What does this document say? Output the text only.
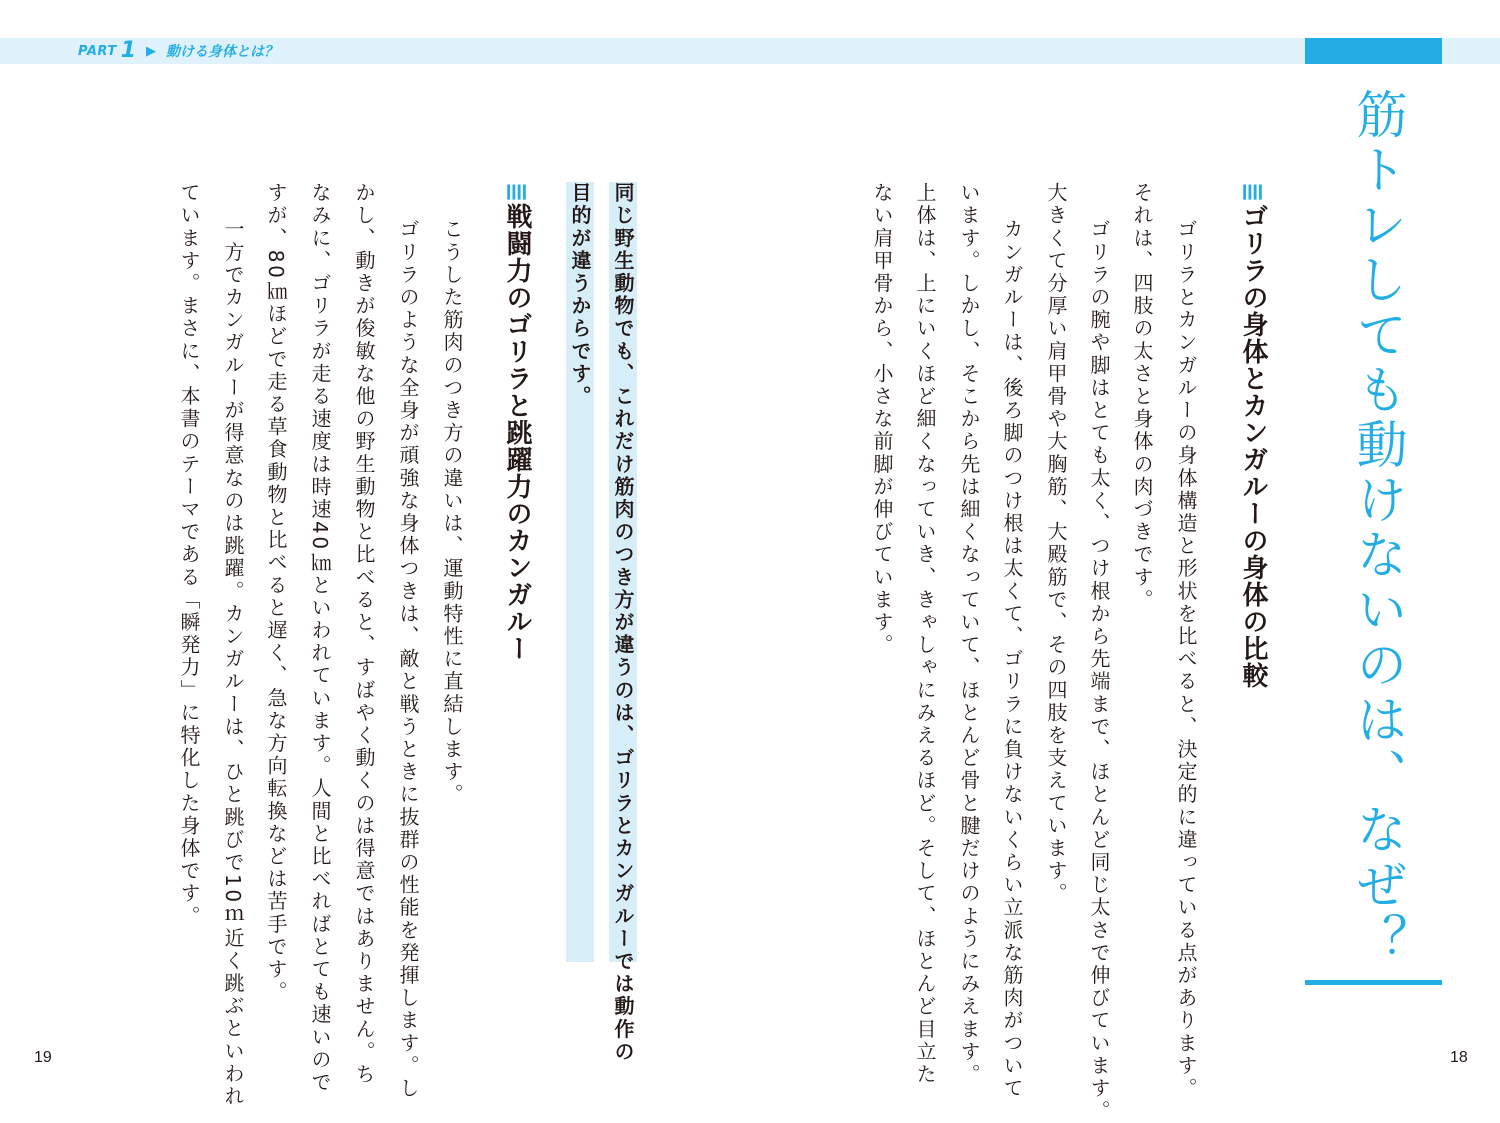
PART 1 ▶ 動ける身体とは？
筋トレしても動けないのは、なぜ？
≣ゴリラの身体とカンガルーの身体の比較
　ゴリラとカンガルーの身体構造と形状を比べると、決定的に違っている点があります。
それは、四肢の太さと身体の肉づきです。
　ゴリラの腕や脚はとても太く、つけ根から先端まで、ほとんど同じ太さで伸びています。
大きくて分厚い肩甲骨や大胸筋、大殿筋で、その四肢を支えています。
　カンガルーは、後ろ脚のつけ根は太くて、ゴリラに負けないくらい立派な筋肉がついて
います。しかし、そこから先は細くなっていて、ほとんど骨と腱だけのようにみえます。
上体は、上にいくほど細くなっていき、きゃしゃにみえるほど。そして、ほとんど目立た
ない肩甲骨から、小さな前脚が伸びています。
同じ野生動物でも、これだけ筋肉のつき方が違うのは、ゴリラとカンガルーでは動作の
目的が違うからです。
≣戦闘力のゴリラと跳躍力のカンガルー
　こうした筋肉のつき方の違いは、運動特性に直結します。
　ゴリラのような全身が頑強な身体つきは、敵と戦うときに抜群の性能を発揮します。し
かし、動きが俊敏な他の野生動物と比べると、すばやく動くのは得意ではありません。ち
なみに、ゴリラが走る速度は時速40㎞といわれています。人間と比べればとても速いので
すが、80㎞ほどで走る草食動物と比べると遅く、急な方向転換などは苦手です。
　一方でカンガルーが得意なのは跳躍。カンガルーは、ひと跳びで10ｍ近く跳ぶといわれ
ています。まさに、本書のテーマである「瞬発力」に特化した身体です。
19	18
